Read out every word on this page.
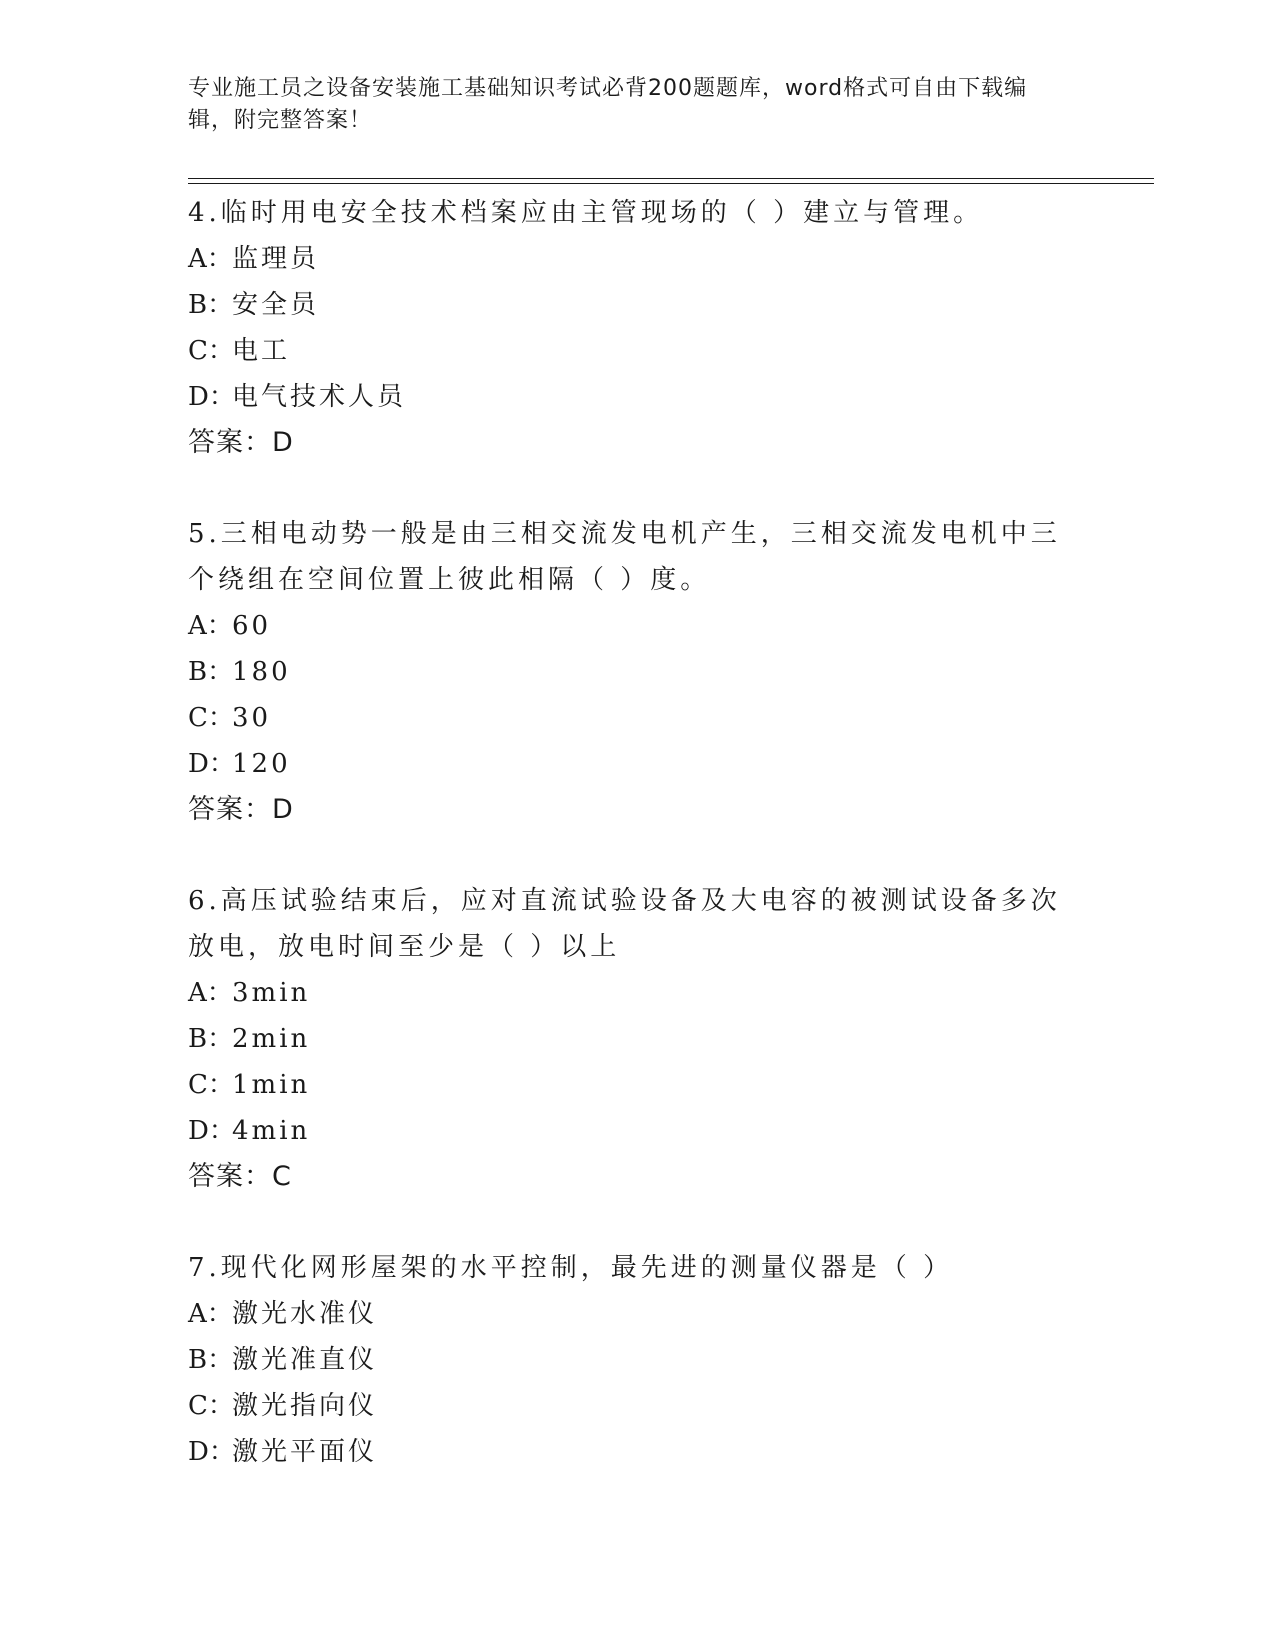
专业施工员之设备安装施工基础知识考试必背200题题库，word格式可自由下载编辑，附完整答案！

4.临时用电安全技术档案应由主管现场的（ ）建立与管理。

A：监理员

B：安全员

C：电工

D：电气技术人员

答案：D

5.三相电动势一般是由三相交流发电机产生，三相交流发电机中三个绕组在空间位置上彼此相隔（ ）度。

A：60

B：180

C：30

D：120

答案：D

6.高压试验结束后，应对直流试验设备及大电容的被测试设备多次放电，放电时间至少是（ ）以上

A：3min

B：2min

C：1min

D：4min

答案：C

7.现代化网形屋架的水平控制，最先进的测量仪器是（ ）

A：激光水准仪

B：激光准直仪

C：激光指向仪

D：激光平面仪
